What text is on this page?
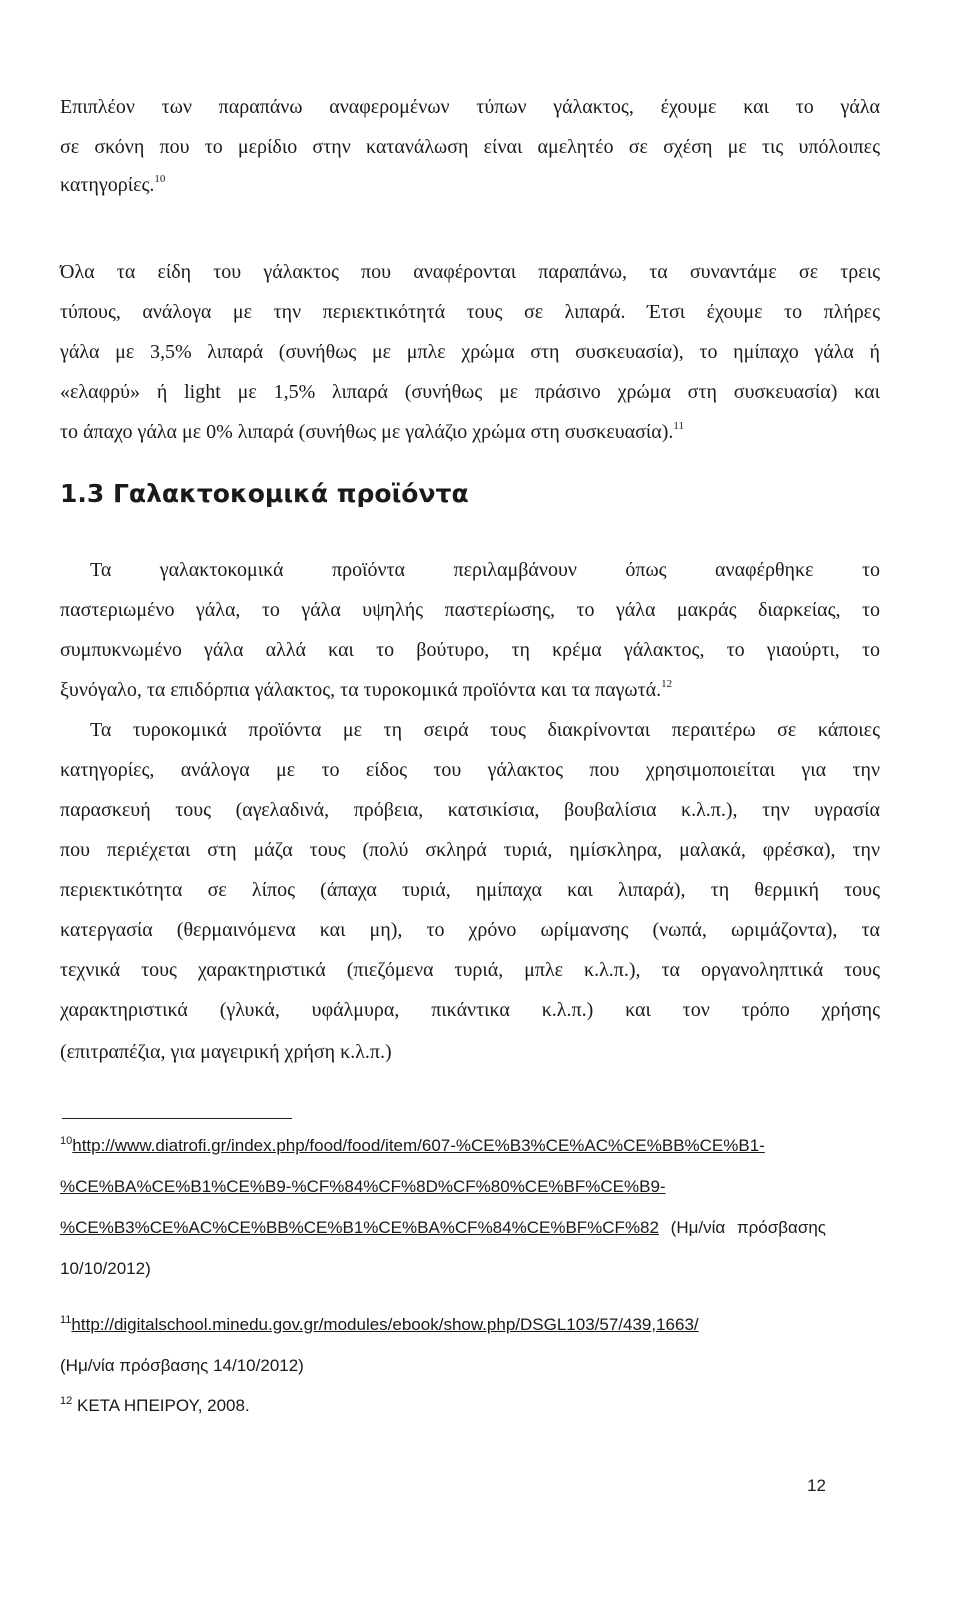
Επιπλέον των παραπάνω αναφερομένων τύπων γάλακτος, έχουμε και το γάλα
σε σκόνη που το μερίδιο στην κατανάλωση είναι αμελητέο σε σχέση με τις υπόλοιπες
κατηγορίες.$^{10}$
Όλα τα είδη του γάλακτος που αναφέρονται παραπάνω, τα συναντάμε σε τρεις
τύπους, ανάλογα με την περιεκτικότητά τους σε λιπαρά. Έτσι έχουμε το πλήρες
γάλα με 3,5% λιπαρά (συνήθως με μπλε χρώμα στη συσκευασία), το ημίπαχο γάλα ή
«ελαφρύ» ή light με 1,5% λιπαρά (συνήθως με πράσινο χρώμα στη συσκευασία) και
το άπαχο γάλα με 0% λιπαρά (συνήθως με γαλάζιο χρώμα στη συσκευασία).$^{11}$
1.3 Γαλακτοκομικά προϊόντα
Τα γαλακτοκομικά προϊόντα περιλαμβάνουν όπως αναφέρθηκε το
παστεριωμένο γάλα, το γάλα υψηλής παστερίωσης, το γάλα μακράς διαρκείας, το
συμπυκνωμένο γάλα αλλά και το βούτυρο, τη κρέμα γάλακτος, το γιαούρτι, το
ξυνόγαλο, τα επιδόρπια γάλακτος, τα τυροκομικά προϊόντα και τα παγωτά.$^{12}$
Τα τυροκομικά προϊόντα με τη σειρά τους διακρίνονται περαιτέρω σε κάποιες
κατηγορίες, ανάλογα με το είδος του γάλακτος που χρησιμοποιείται για την
παρασκευή τους (αγελαδινά, πρόβεια, κατσικίσια, βουβαλίσια κ.λ.π.), την υγρασία
που περιέχεται στη μάζα τους (πολύ σκληρά τυριά, ημίσκληρα, μαλακά, φρέσκα), την
περιεκτικότητα σε λίπος (άπαχα τυριά, ημίπαχα και λιπαρά), τη θερμική τους
κατεργασία (θερμαινόμενα και μη), το χρόνο ωρίμανσης (νωπά, ωριμάζοντα), τα
τεχνικά τους χαρακτηριστικά (πιεζόμενα τυριά, μπλε κ.λ.π.), τα οργανοληπτικά τους
χαρακτηριστικά (γλυκά, υφάλμυρα, πικάντικα κ.λ.π.) και τον τρόπο χρήσης
(επιτραπέζια, για μαγειρική χρήση κ.λ.π.)
$^{10}$http://www.diatrofi.gr/index.php/food/food/item/607-%CE%B3%CE%AC%CE%BB%CE%B1-
%CE%BA%CE%B1%CE%B9-%CF%84%CF%8D%CF%80%CE%BF%CE%B9-
%CE%B3%CE%AC%CE%BB%CE%B1%CE%BA%CF%84%CE%BF%CF%82 (Ημ/νία πρόσβασης
10/10/2012)
$^{11}$http://digitalschool.minedu.gov.gr/modules/ebook/show.php/DSGL103/57/439,1663/
(Ημ/νία πρόσβασης 14/10/2012)
$^{12}$ ΚΕΤΑ ΗΠΕΙΡΟΥ, 2008.
12
